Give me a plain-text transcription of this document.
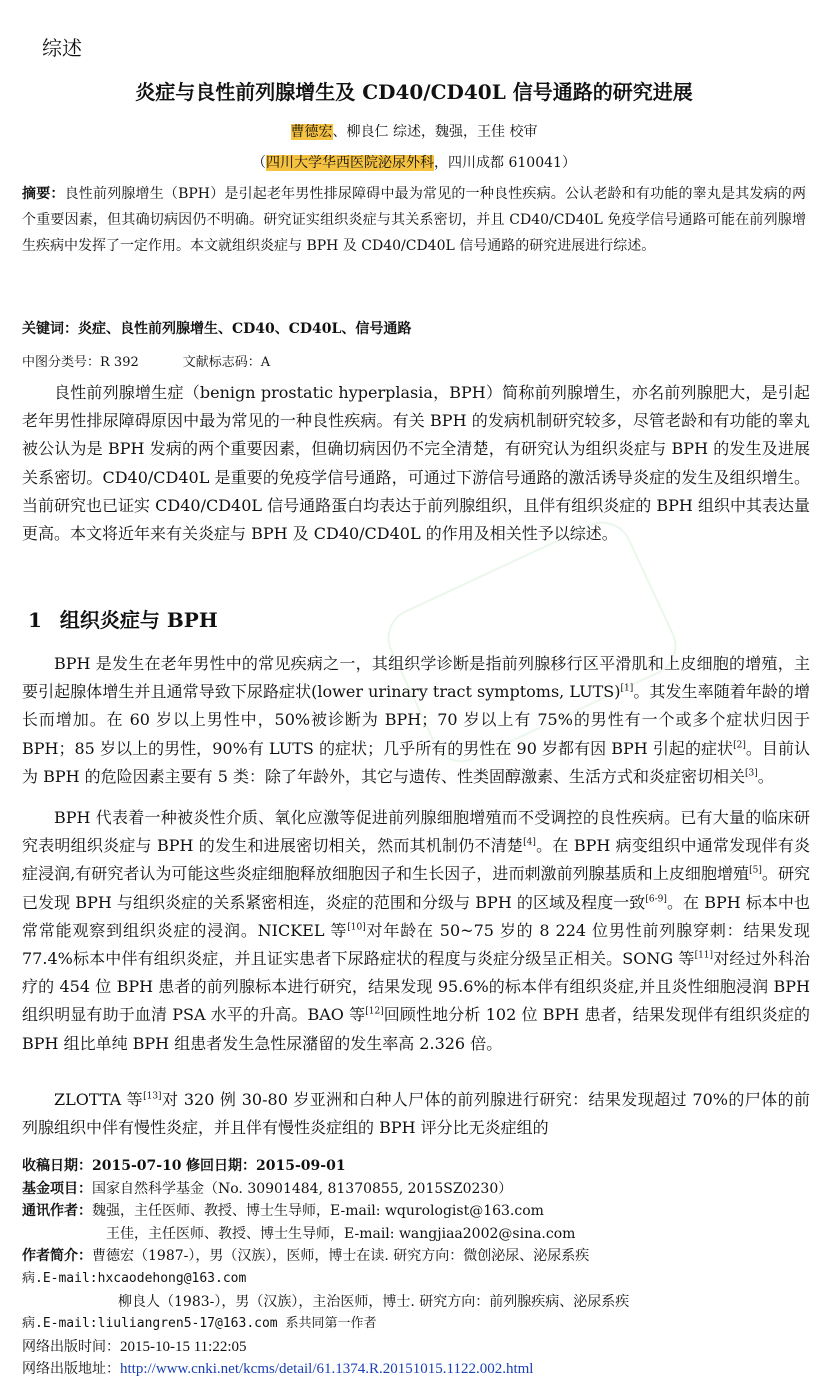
综述
炎症与良性前列腺增生及 CD40/CD40L 信号通路的研究进展
曹德宏、柳良仁 综述，魏强，王佳 校审
（四川大学华西医院泌尿外科，四川成都 610041）
摘要：良性前列腺增生（BPH）是引起老年男性排尿障碍中最为常见的一种良性疾病。公认老龄和有功能的睾丸是其发病的两个重要因素，但其确切病因仍不明确。研究证实组织炎症与其关系密切，并且 CD40/CD40L 免疫学信号通路可能在前列腺增生疾病中发挥了一定作用。本文就组织炎症与 BPH 及 CD40/CD40L 信号通路的研究进展进行综述。
关键词：炎症、良性前列腺增生、CD40、CD40L、信号通路
中图分类号：R 392	文献标志码：A
良性前列腺增生症（benign prostatic hyperplasia，BPH）简称前列腺增生，亦名前列腺肥大，是引起老年男性排尿障碍原因中最为常见的一种良性疾病。有关 BPH 的发病机制研究较多，尽管老龄和有功能的睾丸被公认为是 BPH 发病的两个重要因素，但确切病因仍不完全清楚，有研究认为组织炎症与 BPH 的发生及进展关系密切。CD40/CD40L 是重要的免疫学信号通路，可通过下游信号通路的激活诱导炎症的发生及组织增生。当前研究也已证实 CD40/CD40L 信号通路蛋白均表达于前列腺组织，且伴有组织炎症的 BPH 组织中其表达量更高。本文将近年来有关炎症与 BPH 及 CD40/CD40L 的作用及相关性予以综述。
1 组织炎症与 BPH
BPH 是发生在老年男性中的常见疾病之一，其组织学诊断是指前列腺移行区平滑肌和上皮细胞的增殖，主要引起腺体增生并且通常导致下尿路症状(lower urinary tract symptoms, LUTS)[1]。其发生率随着年龄的增长而增加。在 60 岁以上男性中，50%被诊断为 BPH；70 岁以上有 75%的男性有一个或多个症状归因于 BPH；85 岁以上的男性，90%有 LUTS 的症状；几乎所有的男性在 90 岁都有因 BPH 引起的症状[2]。目前认为 BPH 的危险因素主要有 5 类：除了年龄外，其它与遗传、性类固醇激素、生活方式和炎症密切相关[3]。
BPH 代表着一种被炎性介质、氧化应激等促进前列腺细胞增殖而不受调控的良性疾病。已有大量的临床研究表明组织炎症与 BPH 的发生和进展密切相关，然而其机制仍不清楚[4]。在 BPH 病变组织中通常发现伴有炎症浸润,有研究者认为可能这些炎症细胞释放细胞因子和生长因子，进而刺激前列腺基质和上皮细胞增殖[5]。研究已发现 BPH 与组织炎症的关系紧密相连，炎症的范围和分级与 BPH 的区域及程度一致[6-9]。在 BPH 标本中也常常能观察到组织炎症的浸润。NICKEL 等[10]对年龄在 50~75 岁的 8 224 位男性前列腺穿刺：结果发现 77.4%标本中伴有组织炎症，并且证实患者下尿路症状的程度与炎症分级呈正相关。SONG 等[11]对经过外科治疗的 454 位 BPH 患者的前列腺标本进行研究，结果发现 95.6%的标本伴有组织炎症,并且炎性细胞浸润 BPH 组织明显有助于血清 PSA 水平的升高。BAO 等[12]回顾性地分析 102 位 BPH 患者，结果发现伴有组织炎症的 BPH 组比单纯 BPH 组患者发生急性尿潴留的发生率高 2.326 倍。
ZLOTTA 等[13]对 320 例 30-80 岁亚洲和白种人尸体的前列腺进行研究：结果发现超过 70%的尸体的前列腺组织中伴有慢性炎症，并且伴有慢性炎症组的 BPH 评分比无炎症组的
收稿日期：2015-07-10 修回日期：2015-09-01
基金项目：国家自然科学基金（No. 30901484, 81370855, 2015SZ0230）
通讯作者：魏强，主任医师、教授、博士生导师，E-mail: wqurologist@163.com
王佳，主任医师、教授、博士生导师，E-mail: wangjiaa2002@sina.com
作者简介：曹德宏（1987-），男（汉族），医师，博士在读. 研究方向：微创泌尿、泌尿系疾
病.E-mail:hxcaodehong@163.com
柳良人（1983-），男（汉族），主治医师，博士. 研究方向：前列腺疾病、泌尿系疾
病.E-mail:liuliangren5-17@163.com 系共同第一作者
网络出版时间：2015-10-15 11:22:05
网络出版地址：http://www.cnki.net/kcms/detail/61.1374.R.20151015.1122.002.html
